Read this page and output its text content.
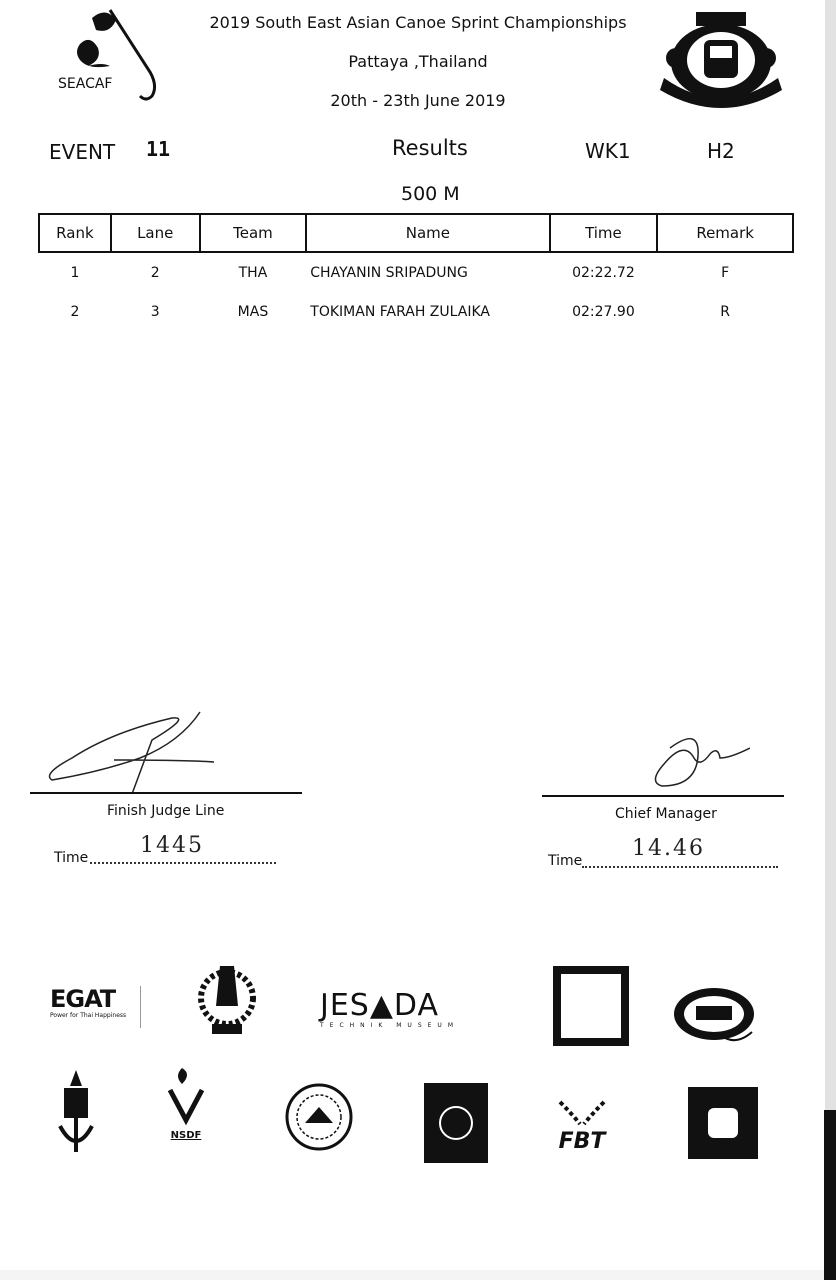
SEACAF
2019 South East Asian Canoe Sprint Championships
Pattaya ,Thailand
20th - 23th June 2019
EVENT 11	Results	WK1	H2
500 M
Rank	Lane	Team	Name	Time	Remark
1	2	THA	CHAYANIN SRIPADUNG	02:22.72	F
2	3	MAS	TOKIMAN FARAH ZULAIKA	02:27.90	R
Finish Judge Line
Time 1445
Chief Manager
Time 14.46
EGAT
Power for Thai Happiness	JES▲DA
TECHNIK MUSEUM
NSDF	FBT
